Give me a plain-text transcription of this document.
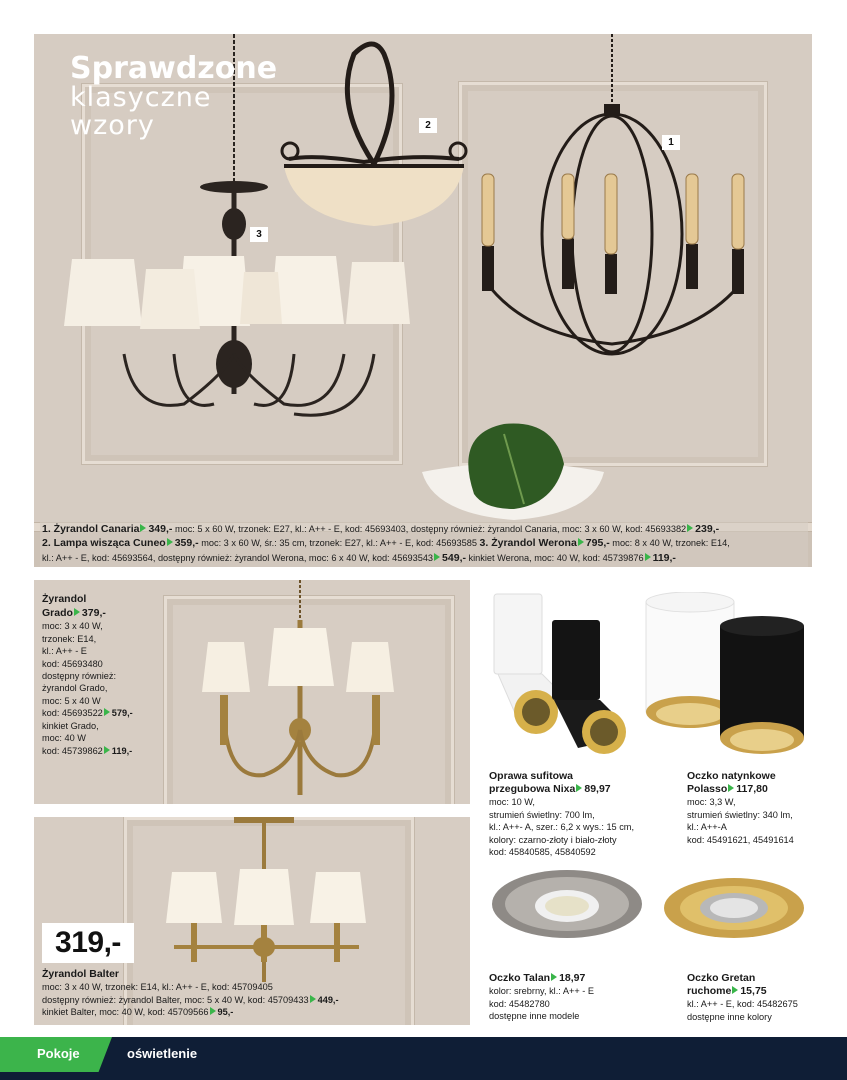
Sprawdzone
klasyczne
wzory
1
2
3
1. Żyrandol Canaria 349,- moc: 5 x 60 W, trzonek: E27, kl.: A++ - E, kod: 45693403, dostępny również: żyrandol Canaria, moc: 3 x 60 W, kod: 45693382 239,-
2. Lampa wisząca Cuneo 359,- moc: 3 x 60 W, śr.: 35 cm, trzonek: E27, kl.: A++ - E, kod: 45693585 3. Żyrandol Werona 795,- moc: 8 x 40 W, trzonek: E14,
kl.: A++ - E, kod: 45693564, dostępny również: żyrandol Werona, moc: 6 x 40 W, kod: 45693543 549,- kinkiet Werona, moc: 40 W, kod: 45739876 119,-
Żyrandol
Grado 379,-
moc: 3 x 40 W,
trzonek: E14,
kl.: A++ - E
kod: 45693480
dostępny również:
żyrandol Grado,
moc: 5 x 40 W
kod: 45693522 579,-
kinkiet Grado,
moc: 40 W
kod: 45739862 119,-
319,-
Żyrandol Balter
moc: 3 x 40 W, trzonek: E14, kl.: A++ - E, kod: 45709405
dostępny również: żyrandol Balter, moc: 5 x 40 W, kod: 45709433 449,-
kinkiet Balter, moc: 40 W, kod: 45709566 95,-
Oprawa sufitowa
przegubowa Nixa 89,97
moc: 10 W,
strumień świetlny: 700 lm,
kl.: A++- A, szer.: 6,2 x wys.: 15 cm,
kolory: czarno-złoty i biało-złoty
kod: 45840585, 45840592
Oczko natynkowe
Polasso 117,80
moc: 3,3 W,
strumień świetlny: 340 lm,
kl.: A++-A
kod: 45491621, 45491614
Oczko Talan 18,97
kolor: srebrny, kl.: A++ - E
kod: 45482780
dostępne inne modele
Oczko Gretan
ruchome 15,75
kl.: A++ - E, kod: 45482675
dostępne inne kolory
Pokoje	oświetlenie
